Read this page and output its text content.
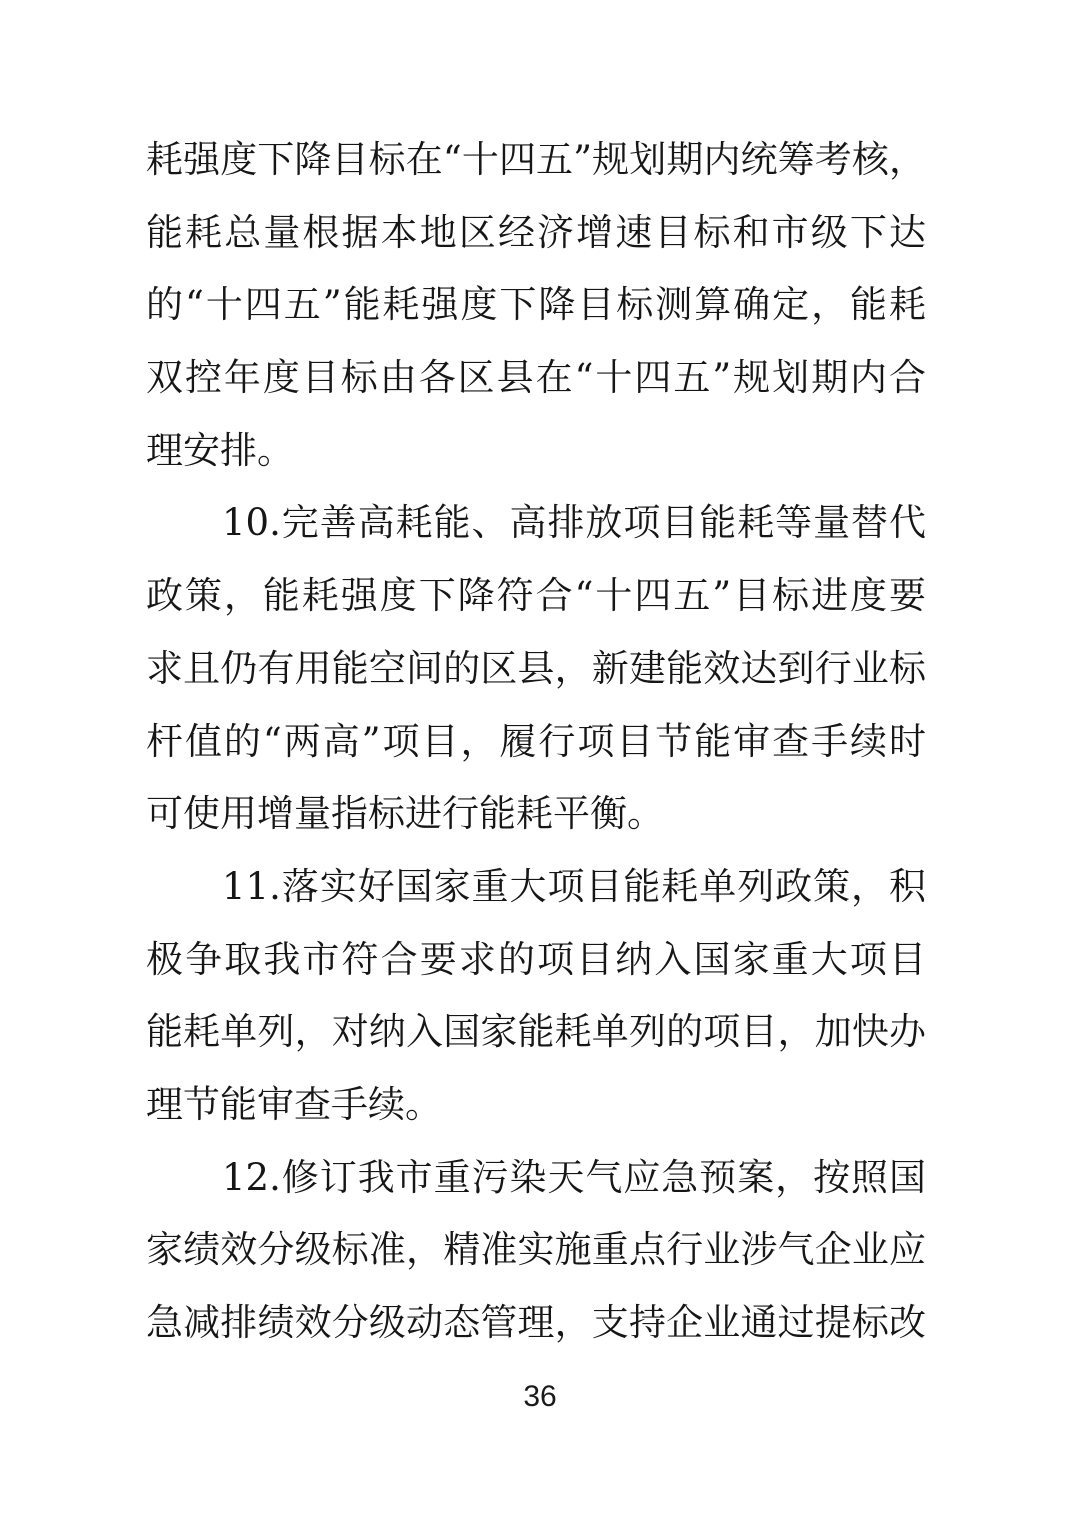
耗强度下降目标在“十四五”规划期内统筹考核，
能耗总量根据本地区经济增速目标和市级下达
的“十四五”能耗强度下降目标测算确定，能耗
双控年度目标由各区县在“十四五”规划期内合
理安排。
10.完善高耗能、高排放项目能耗等量替代
政策，能耗强度下降符合“十四五”目标进度要
求且仍有用能空间的区县，新建能效达到行业标
杆值的“两高”项目，履行项目节能审查手续时
可使用增量指标进行能耗平衡。
11.落实好国家重大项目能耗单列政策，积
极争取我市符合要求的项目纳入国家重大项目
能耗单列，对纳入国家能耗单列的项目，加快办
理节能审查手续。
12.修订我市重污染天气应急预案，按照国
家绩效分级标准，精准实施重点行业涉气企业应
急减排绩效分级动态管理，支持企业通过提标改
36
